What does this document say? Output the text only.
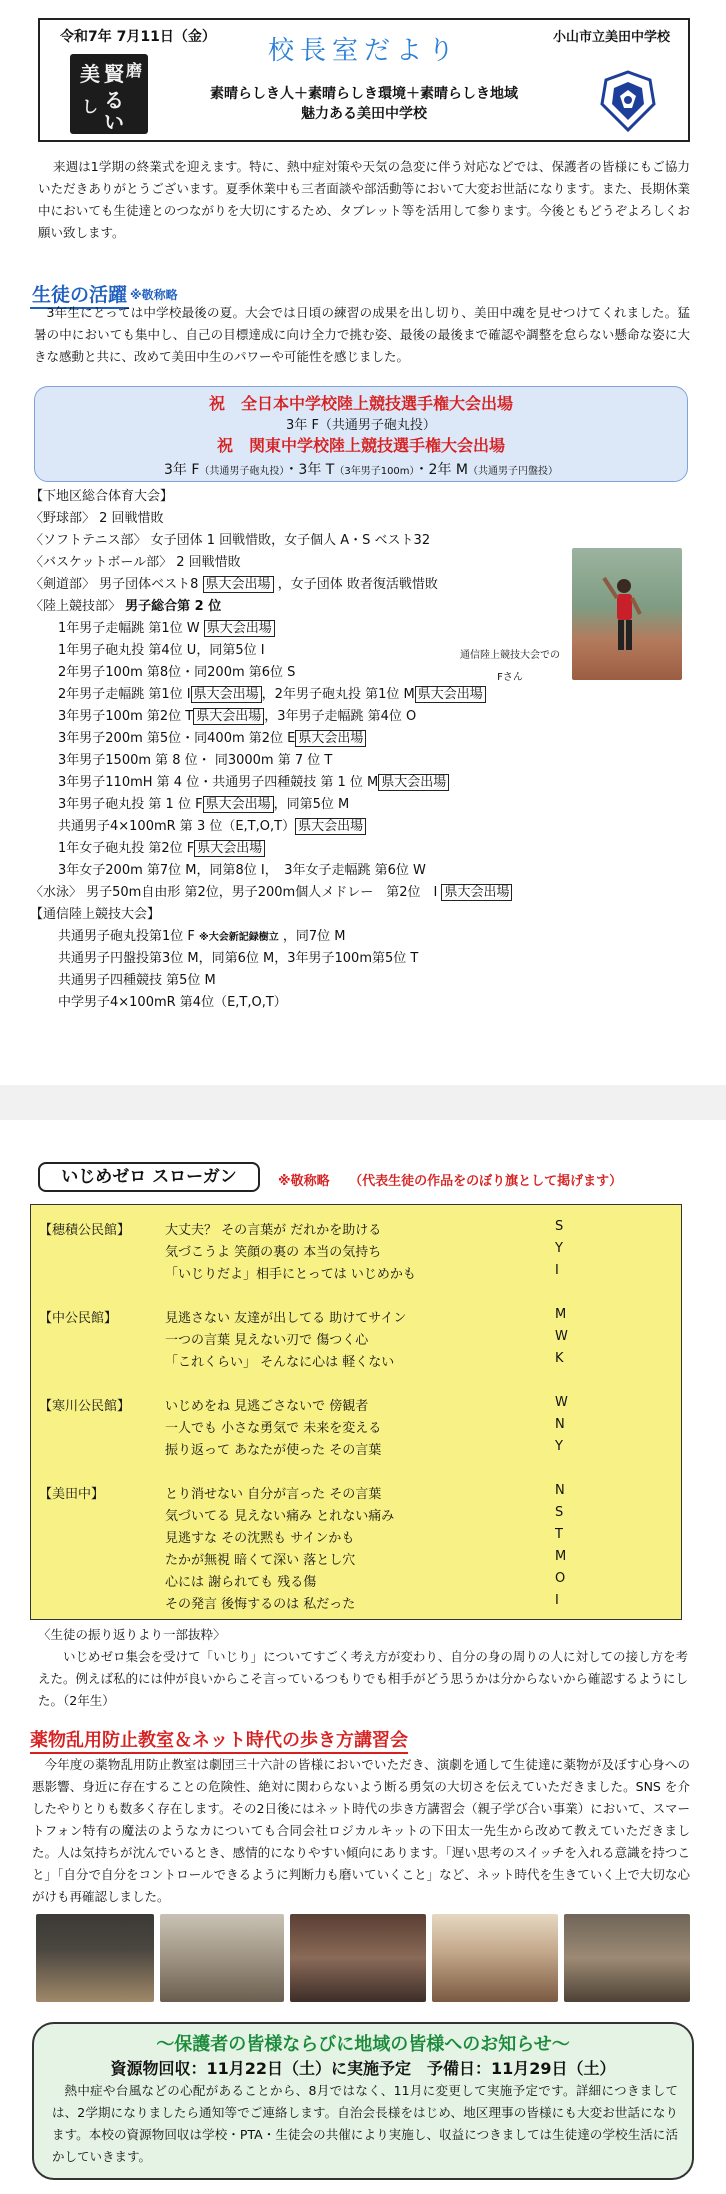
令和7年 7月11日（金）	小山市立美田中学校
校長室だより
素晴らしき人＋素晴らしき環境＋素晴らしき地域
魅力ある美田中学校
美 賢 磨
る
い
し
来週は1学期の終業式を迎えます。特に、熱中症対策や天気の急変に伴う対応などでは、保護者の皆様にもご協力いただきありがとうございます。夏季休業中も三者面談や部活動等において大変お世話になります。また、長期休業中においても生徒達とのつながりを大切にするため、タブレット等を活用して参ります。今後ともどうぞよろしくお願い致します。
生徒の活躍 ※敬称略
3年生にとっては中学校最後の夏。大会では日頃の練習の成果を出し切り、美田中魂を見せつけてくれました。猛暑の中においても集中し、自己の目標達成に向け全力で挑む姿、最後の最後まで確認や調整を怠らない懸命な姿に大きな感動と共に、改めて美田中生のパワーや可能性を感じました。
祝　全日本中学校陸上競技選手権大会出場
3年 F（共通男子砲丸投）
祝　関東中学校陸上競技選手権大会出場
3年 F（共通男子砲丸投）・3年 T（3年男子100m）・2年 M（共通男子円盤投）
【下地区総合体育大会】
〈野球部〉 2 回戦惜敗
〈ソフトテニス部〉 女子団体 1 回戦惜敗，女子個人 A・S ベスト32
〈バスケットボール部〉 2 回戦惜敗
〈剣道部〉 男子団体ベスト8 県大会出場 ，女子団体 敗者復活戦惜敗
〈陸上競技部〉 男子総合第 2 位
1年男子走幅跳 第1位 W 県大会出場
1年男子砲丸投 第4位 U，同第5位 I
2年男子100m 第8位・同200m 第6位 S
2年男子走幅跳 第1位 I 県大会出場 ，2年男子砲丸投 第1位 M 県大会出場
3年男子100m 第2位 T 県大会出場 ，3年男子走幅跳 第4位 O
3年男子200m 第5位・同400m 第2位 E 県大会出場
3年男子1500m 第 8 位・ 同3000m 第 7 位 T
3年男子110mH 第 4 位・共通男子四種競技 第 1 位 M 県大会出場
3年男子砲丸投 第 1 位 F 県大会出場 ，同第5位 M
共通男子4×100mR 第 3 位（E,T,O,T） 県大会出場
1年女子砲丸投 第2位 F 県大会出場
3年女子200m 第7位 M，同第8位 I，　3年女子走幅跳 第6位 W
〈水泳〉 男子50m自由形 第2位，男子200m個人メドレー　第2位　I 県大会出場
【通信陸上競技大会】
共通男子砲丸投第1位 F ※大会新記録樹立 ，同7位 M
共通男子円盤投第3位 M，同第6位 M，3年男子100m第5位 T
共通男子四種競技 第5位 M
中学男子4×100mR 第4位（E,T,O,T）
通信陸上競技大会での
Fさん
いじめゼロ スローガン	※敬称略　　（代表生徒の作品をのぼり旗として掲げます）
【穂積公民館】	大丈夫？ その言葉が だれかを助ける	S
気づこうよ 笑顔の裏の 本当の気持ち	Y
「いじりだよ」相手にとっては いじめかも	I
【中公民館】	見逃さない 友達が出してる 助けてサイン	M
一つの言葉 見えない刃で 傷つく心	W
「これくらい」 そんなに心は 軽くない	K
【寒川公民館】	いじめをね 見逃ごさないで 傍観者	W
一人でも 小さな勇気で 未来を変える	N
振り返って あなたが使った その言葉	Y
【美田中】	とり消せない 自分が言った その言葉	N
気づいてる 見えない痛み とれない痛み	S
見逃すな その沈黙も サインかも	T
たかが無視 暗くて深い 落とし穴	M
心には 謝られても 残る傷	O
その発言 後悔するのは 私だった	I
〈生徒の振り返りより一部抜粋〉
いじめゼロ集会を受けて「いじり」についてすごく考え方が変わり、自分の身の周りの人に対しての接し方を考えた。例えば私的には仲が良いからこそ言っているつもりでも相手がどう思うかは分からないから確認するようにした。（2年生）
薬物乱用防止教室＆ネット時代の歩き方講習会
今年度の薬物乱用防止教室は劇団三十六計の皆様においでいただき、演劇を通して生徒達に薬物が及ぼす心身への悪影響、身近に存在することの危険性、絶対に関わらないよう断る勇気の大切さを伝えていただきました。SNS を介したやりとりも数多く存在します。その2日後にはネット時代の歩き方講習会（親子学び合い事業）において、スマートフォン特有の魔法のようなカについても合同会社ロジカルキットの下田太一先生から改めて教えていただきました。人は気持ちが沈んでいるとき、感情的になりやすい傾向にあります。「遅い思考のスイッチを入れる意識を持つこと」「自分で自分をコントロールできるように判断力も磨いていくこと」など、ネット時代を生きていく上で大切な心がけも再確認しました。
～保護者の皆様ならびに地域の皆様へのお知らせ～
資源物回収：11月22日（土）に実施予定　予備日：11月29日（土）
熱中症や台風などの心配があることから、8月ではなく、11月に変更して実施予定です。詳細につきましては、2学期になりましたら通知等でご連絡します。自治会長様をはじめ、地区理事の皆様にも大変お世話になります。本校の資源物回収は学校・PTA・生徒会の共催により実施し、収益につきましては生徒達の学校生活に活かしていきます。
